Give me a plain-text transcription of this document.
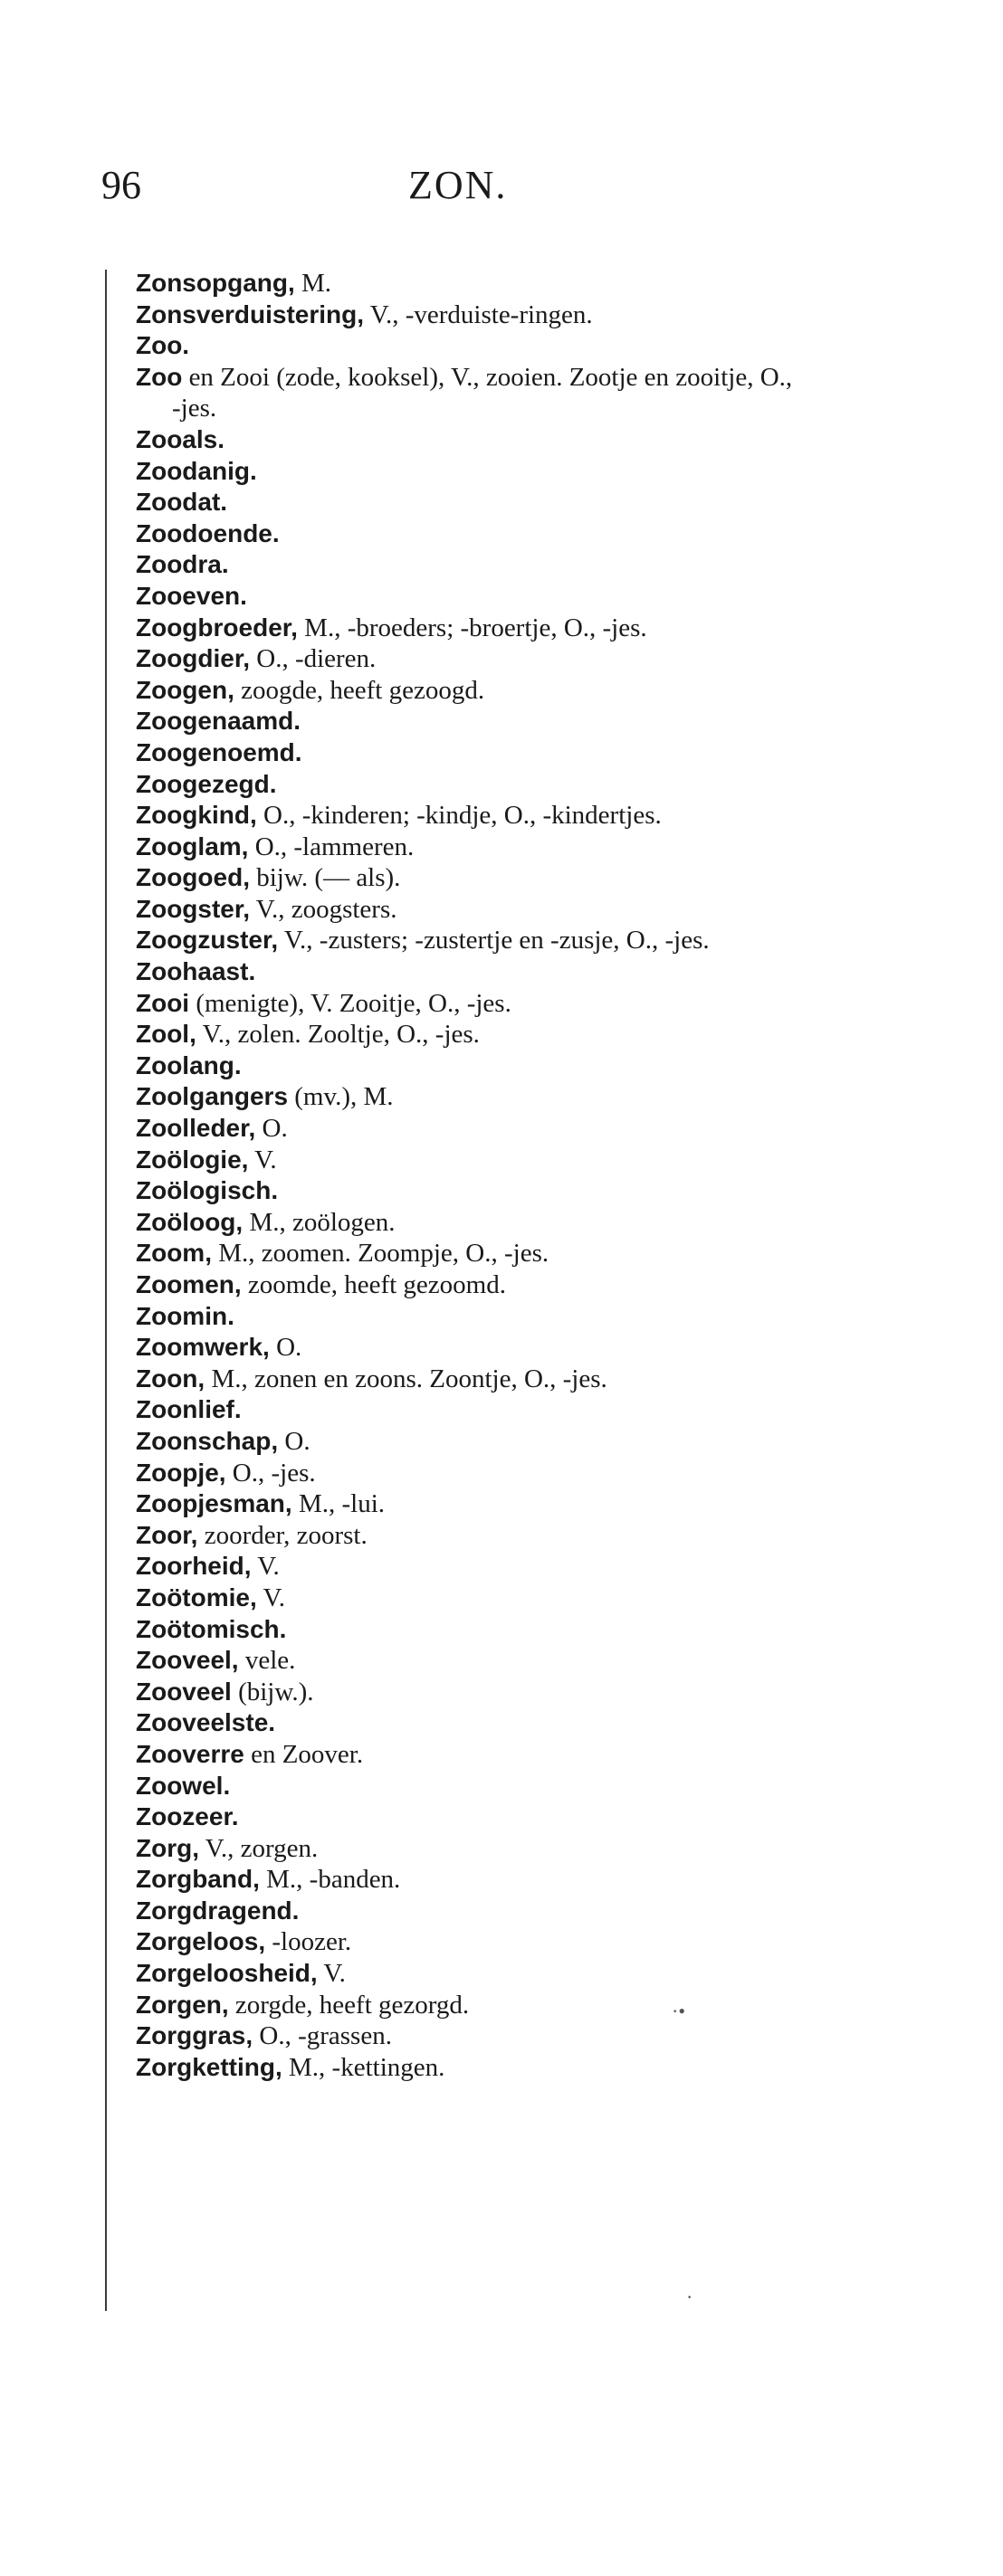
96	ZON.
Zonsopgang, M.
Zonsverduistering, V., -verduiste-ringen.
Zoo.
Zoo en Zooi (zode, kooksel), V., zooien. Zootje en zooitje, O., -jes.
Zooals.
Zoodanig.
Zoodat.
Zoodoende.
Zoodra.
Zooeven.
Zoogbroeder, M., -broeders; -broertje, O., -jes.
Zoogdier, O., -dieren.
Zoogen, zoogde, heeft gezoogd.
Zoogenaamd.
Zoogenoemd.
Zoogezegd.
Zoogkind, O., -kinderen; -kindje, O., -kindertjes.
Zooglam, O., -lammeren.
Zoogoed, bijw. (— als).
Zoogster, V., zoogsters.
Zoogzuster, V., -zusters; -zustertje en -zusje, O., -jes.
Zoohaast.
Zooi (menigte), V. Zooitje, O., -jes.
Zool, V., zolen. Zooltje, O., -jes.
Zoolang.
Zoolgangers (mv.), M.
Zoolleder, O.
Zoölogie, V.
Zoölogisch.
Zoöloog, M., zoölogen.
Zoom, M., zoomen. Zoompje, O., -jes.
Zoomen, zoomde, heeft gezoomd.
Zoomin.
Zoomwerk, O.
Zoon, M., zonen en zoons. Zoontje, O., -jes.
Zoonlief.
Zoonschap, O.
Zoopje, O., -jes.
Zoopjesman, M., -lui.
Zoor, zoorder, zoorst.
Zoorheid, V.
Zoötomie, V.
Zoötomisch.
Zooveel, vele.
Zooveel (bijw.).
Zooveelste.
Zooverre en Zoover.
Zoowel.
Zoozeer.
Zorg, V., zorgen.
Zorgband, M., -banden.
Zorgdragend.
Zorgeloos, -loozer.
Zorgeloosheid, V.
Zorgen, zorgde, heeft gezorgd.
Zorggras, O., -grassen.
Zorgketting, M., -kettingen.
·•
·
